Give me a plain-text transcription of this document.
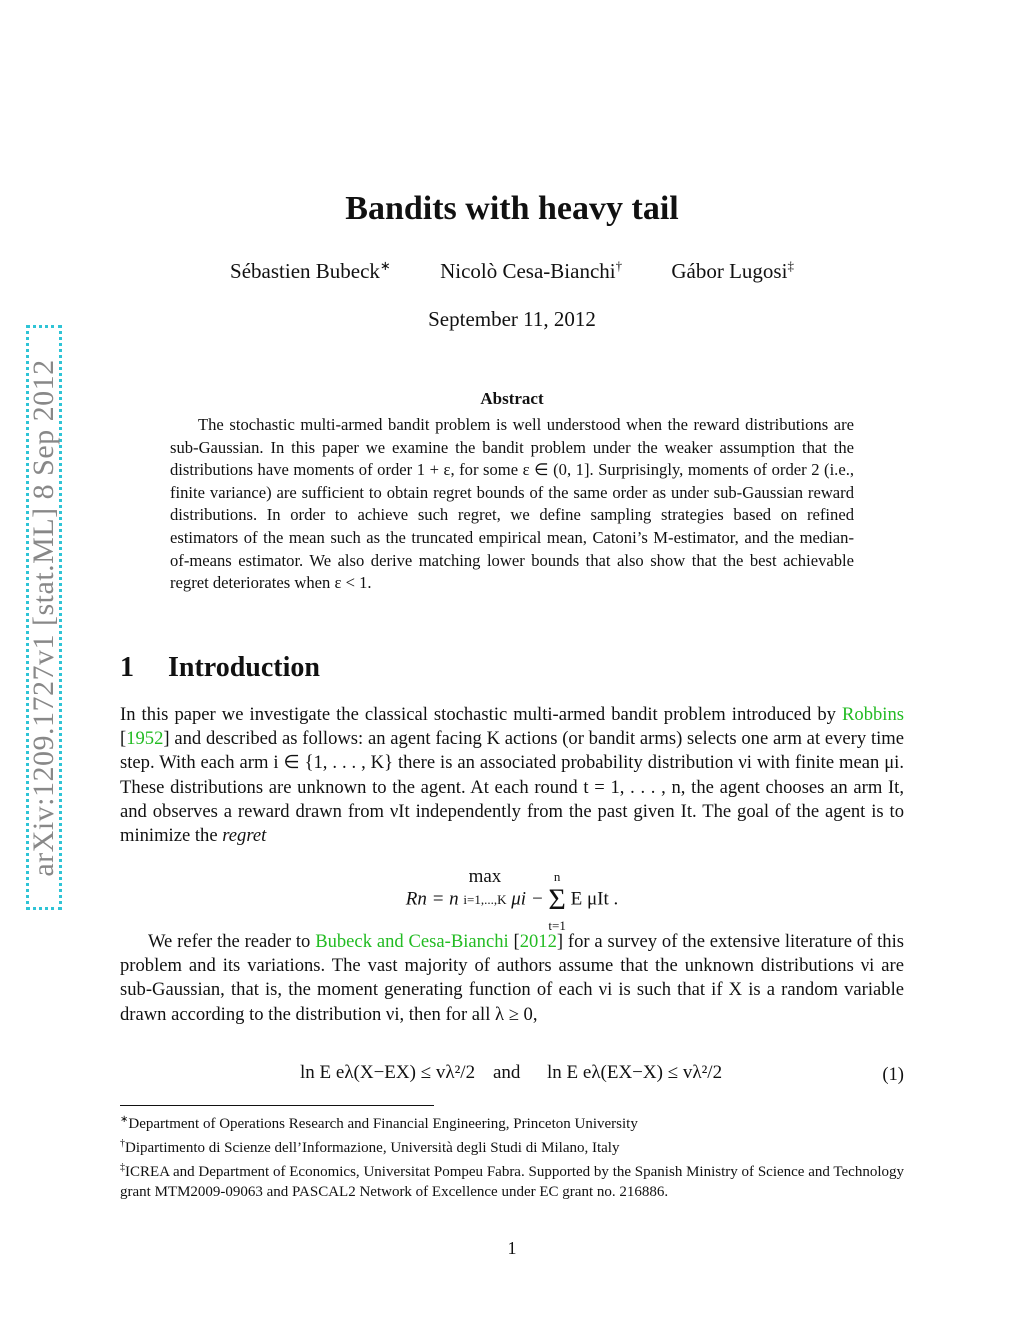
arXiv:1209.1727v1 [stat.ML] 8 Sep 2012
Bandits with heavy tail
Sébastien Bubeck∗ Nicolò Cesa-Bianchi† Gábor Lugosi‡
September 11, 2012
Abstract
The stochastic multi-armed bandit problem is well understood when the reward distributions are sub-Gaussian. In this paper we examine the bandit problem under the weaker assumption that the distributions have moments of order 1 + ε, for some ε ∈ (0, 1]. Surprisingly, moments of order 2 (i.e., finite variance) are sufficient to obtain regret bounds of the same order as under sub-Gaussian reward distributions. In order to achieve such regret, we define sampling strategies based on refined estimators of the mean such as the truncated empirical mean, Catoni’s M-estimator, and the median-of-means estimator. We also derive matching lower bounds that also show that the best achievable regret deteriorates when ε < 1.
1 Introduction
In this paper we investigate the classical stochastic multi-armed bandit problem introduced by Robbins [1952] and described as follows: an agent facing K actions (or bandit arms) selects one arm at every time step. With each arm i ∈ {1, . . . , K} there is an associated probability distribution νi with finite mean μi. These distributions are unknown to the agent. At each round t = 1, . . . , n, the agent chooses an arm It, and observes a reward drawn from νIt independently from the past given It. The goal of the agent is to minimize the regret
Rn = n max
i=1,...,K μi − n
Σ
t=1 E μIt .
We refer the reader to Bubeck and Cesa-Bianchi [2012] for a survey of the extensive literature of this problem and its variations. The vast majority of authors assume that the unknown distributions νi are sub-Gaussian, that is, the moment generating function of each νi is such that if X is a random variable drawn according to the distribution νi, then for all λ ≥ 0,
ln E eλ(X−EX) ≤ vλ²/2 and ln E eλ(EX−X) ≤ vλ²/2	(1)
∗Department of Operations Research and Financial Engineering, Princeton University
†Dipartimento di Scienze dell’Informazione, Università degli Studi di Milano, Italy
‡ICREA and Department of Economics, Universitat Pompeu Fabra. Supported by the Spanish Ministry of Science and Technology grant MTM2009-09063 and PASCAL2 Network of Excellence under EC grant no. 216886.
1
